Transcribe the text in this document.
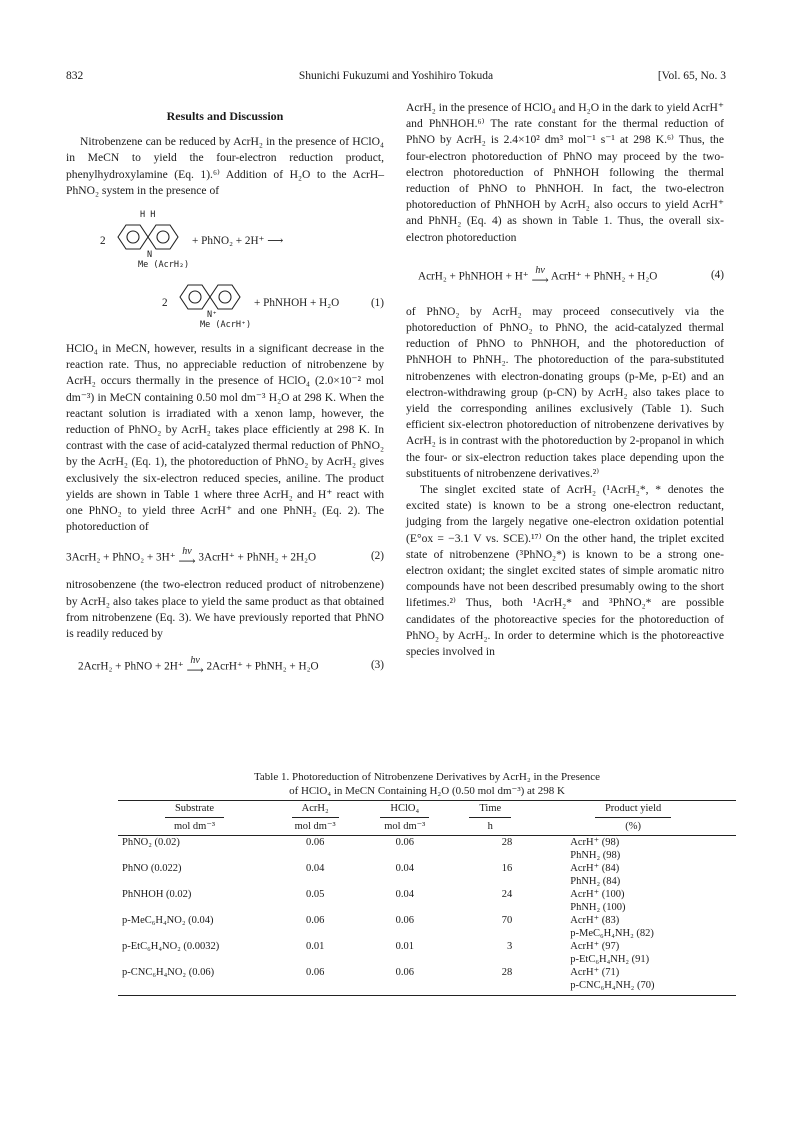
832	Shunichi Fukuzumi and Yoshihiro Tokuda	[Vol. 65, No. 3

Results and Discussion

Nitrobenzene can be reduced by AcrH₂ in the presence of HClO₄ in MeCN to yield the four-electron reduction product, phenylhydroxylamine (Eq. 1).⁶⁾ Addition of H₂O to the AcrH–PhNO₂ system in the presence of

2
H H
N
+ PhNO₂ + 2H⁺ ⟶
Me (AcrH₂)
2
N⁺
+ PhNHOH + H₂O	(1)
Me (AcrH⁺)

HClO₄ in MeCN, however, results in a significant decrease in the reaction rate. Thus, no appreciable reduction of nitrobenzene by AcrH₂ occurs thermally in the presence of HClO₄ (2.0×10⁻² mol dm⁻³) in MeCN containing 0.50 mol dm⁻³ H₂O at 298 K. When the reactant solution is irradiated with a xenon lamp, however, the reduction of PhNO₂ by AcrH₂ takes place efficiently at 298 K. In contrast with the case of acid-catalyzed thermal reduction of PhNO₂ by the AcrH₂ (Eq. 1), the photoreduction of PhNO₂ by AcrH₂ gives exclusively the six-electron reduced species, aniline. The product yields are shown in Table 1 where three AcrH₂ and H⁺ react with one PhNO₂ to yield three AcrH⁺ and one PhNH₂ (Eq. 2). The photoreduction of

3AcrH₂ + PhNO₂ + 3H⁺
hν
⟶ 3AcrH⁺ + PhNH₂ + 2H₂O	(2)

nitrosobenzene (the two-electron reduced product of nitrobenzene) by AcrH₂ also takes place to yield the same product as that obtained from nitrobenzene (Eq. 3). We have previously reported that PhNO is readily reduced by

2AcrH₂ + PhNO + 2H⁺
hν
⟶ 2AcrH⁺ + PhNH₂ + H₂O	(3)

AcrH₂ in the presence of HClO₄ and H₂O in the dark to yield AcrH⁺ and PhNHOH.⁶⁾ The rate constant for the thermal reduction of PhNO by AcrH₂ is 2.4×10² dm³ mol⁻¹ s⁻¹ at 298 K.⁶⁾ Thus, the four-electron photoreduction of PhNO may proceed by the two-electron photoreduction of PhNHOH following the thermal reduction of PhNO to PhNHOH. In fact, the two-electron photoreduction of PhNHOH by AcrH₂ also occurs to yield AcrH⁺ and PhNH₂ (Eq. 4) as shown in Table 1. Thus, the overall six-electron photoreduction

AcrH₂ + PhNHOH + H⁺
hν
⟶ AcrH⁺ + PhNH₂ + H₂O	(4)

of PhNO₂ by AcrH₂ may proceed consecutively via the photoreduction of PhNO₂ to PhNO, the acid-catalyzed thermal reduction of PhNO to PhNHOH, and the photoreduction of PhNHOH to PhNH₂. The photoreduction of the para-substituted nitrobenzenes with electron-donating groups (p-Me, p-Et) and an electron-withdrawing group (p-CN) by AcrH₂ also takes place to yield the corresponding anilines exclusively (Table 1). Such efficient six-electron photoreduction of nitrobenzene derivatives by AcrH₂ is in contrast with the photoreduction by 2-propanol in which the four- or six-electron reduction takes place depending upon the substituents of nitrobenzene derivatives.²⁾

The singlet excited state of AcrH₂ (¹AcrH₂*, * denotes the excited state) is known to be a strong one-electron reductant, judging from the largely negative one-electron oxidation potential (E°ox = −3.1 V vs. SCE).¹⁷⁾ On the other hand, the triplet excited state of nitrobenzene (³PhNO₂*) is known to be a strong one-electron oxidant; the singlet excited states of simple aromatic nitro compounds have not been described presumably owing to the short lifetimes.²⁾ Thus, both ¹AcrH₂* and ³PhNO₂* are possible candidates of the photoreactive species for the photoreduction of PhNO₂ by AcrH₂. In order to determine which is the photoreactive species involved in

Table 1. Photoreduction of Nitrobenzene Derivatives by AcrH₂ in the Presence
of HClO₄ in MeCN Containing H₂O (0.50 mol dm⁻³) at 298 K
Substrate	AcrH₂	HClO₄	Time	Product yield
mol dm⁻³	mol dm⁻³	mol dm⁻³	h	(%)
PhNO₂ (0.02)	0.06	0.06	28	AcrH⁺ (98)
				PhNH₂ (98)
PhNO (0.022)	0.04	0.04	16	AcrH⁺ (84)
				PhNH₂ (84)
PhNHOH (0.02)	0.05	0.04	24	AcrH⁺ (100)
				PhNH₂ (100)
p-MeC₆H₄NO₂ (0.04)	0.06	0.06	70	AcrH⁺ (83)
				p-MeC₆H₄NH₂ (82)
p-EtC₆H₄NO₂ (0.0032)	0.01	0.01	3	AcrH⁺ (97)
				p-EtC₆H₄NH₂ (91)
p-CNC₆H₄NO₂ (0.06)	0.06	0.06	28	AcrH⁺ (71)
				p-CNC₆H₄NH₂ (70)
